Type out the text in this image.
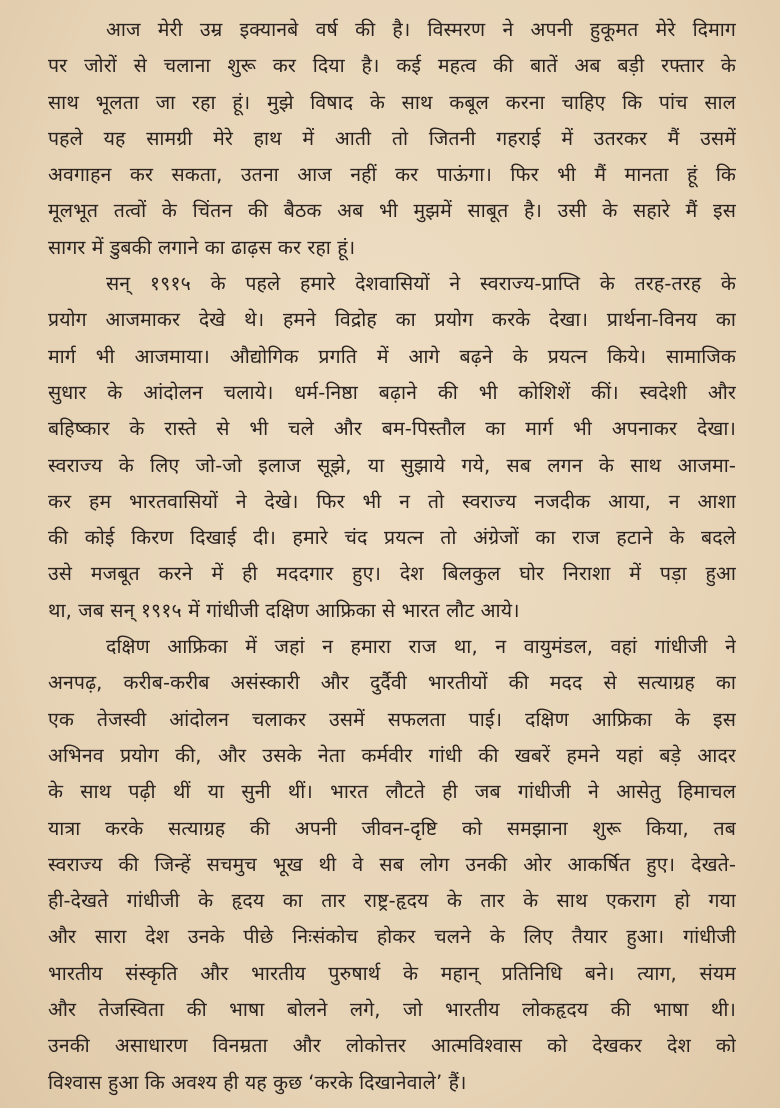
आज मेरी उम्र इक्यानबे वर्ष की है। विस्मरण ने अपनी हुकूमत मेरे दिमाग
पर जोरों से चलाना शुरू कर दिया है। कई महत्व की बातें अब बड़ी रफ्तार के
साथ भूलता जा रहा हूं। मुझे विषाद के साथ कबूल करना चाहिए कि पांच साल
पहले यह सामग्री मेरे हाथ में आती तो जितनी गहराई में उतरकर मैं उसमें
अवगाहन कर सकता, उतना आज नहीं कर पाऊंगा। फिर भी मैं मानता हूं कि
मूलभूत तत्वों के चिंतन की बैठक अब भी मुझमें साबूत है। उसी के सहारे मैं इस
सागर में डुबकी लगाने का ढाढ़स कर रहा हूं।
सन् १९१५ के पहले हमारे देशवासियों ने स्वराज्य-प्राप्ति के तरह-तरह के
प्रयोग आजमाकर देखे थे। हमने विद्रोह का प्रयोग करके देखा। प्रार्थना-विनय का
मार्ग भी आजमाया। औद्योगिक प्रगति में आगे बढ़ने के प्रयत्न किये। सामाजिक
सुधार के आंदोलन चलाये। धर्म-निष्ठा बढ़ाने की भी कोशिशें कीं। स्वदेशी और
बहिष्कार के रास्ते से भी चले और बम-पिस्तौल का मार्ग भी अपनाकर देखा।
स्वराज्य के लिए जो-जो इलाज सूझे, या सुझाये गये, सब लगन के साथ आजमा-
कर हम भारतवासियों ने देखे। फिर भी न तो स्वराज्य नजदीक आया, न आशा
की कोई किरण दिखाई दी। हमारे चंद प्रयत्न तो अंग्रेजों का राज हटाने के बदले
उसे मजबूत करने में ही मददगार हुए। देश बिलकुल घोर निराशा में पड़ा हुआ
था, जब सन् १९१५ में गांधीजी दक्षिण आफ्रिका से भारत लौट आये।
दक्षिण आफ्रिका में जहां न हमारा राज था, न वायुमंडल, वहां गांधीजी ने
अनपढ़, करीब-करीब असंस्कारी और दुर्दैवी भारतीयों की मदद से सत्याग्रह का
एक तेजस्वी आंदोलन चलाकर उसमें सफलता पाई। दक्षिण आफ्रिका के इस
अभिनव प्रयोग की, और उसके नेता कर्मवीर गांधी की खबरें हमने यहां बड़े आदर
के साथ पढ़ी थीं या सुनी थीं। भारत लौटते ही जब गांधीजी ने आसेतु हिमाचल
यात्रा करके सत्याग्रह की अपनी जीवन-दृष्टि को समझाना शुरू किया, तब
स्वराज्य की जिन्हें सचमुच भूख थी वे सब लोग उनकी ओर आकर्षित हुए। देखते-
ही-देखते गांधीजी के हृदय का तार राष्ट्र-हृदय के तार के साथ एकराग हो गया
और सारा देश उनके पीछे निःसंकोच होकर चलने के लिए तैयार हुआ। गांधीजी
भारतीय संस्कृति और भारतीय पुरुषार्थ के महान् प्रतिनिधि बने। त्याग, संयम
और तेजस्विता की भाषा बोलने लगे, जो भारतीय लोकहृदय की भाषा थी।
उनकी असाधारण विनम्रता और लोकोत्तर आत्मविश्वास को देखकर देश को
विश्वास हुआ कि अवश्य ही यह कुछ ‘करके दिखानेवाले’ हैं।
